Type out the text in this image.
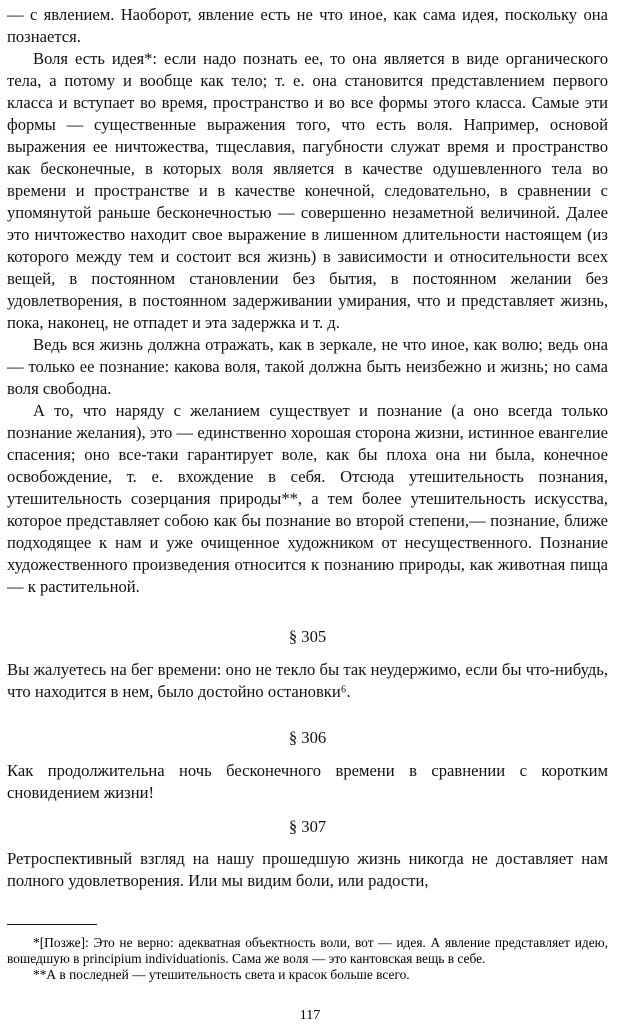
— с явлением. Наоборот, явление есть не что иное, как сама идея, поскольку она познается.

Воля есть идея*: если надо познать ее, то она является в виде органического тела, а потому и вообще как тело; т. е. она становится представлением первого класса и вступает во время, пространство и во все формы этого класса. Самые эти формы — существенные выражения того, что есть воля. Например, основой выражения ее ничтожества, тщеславия, пагубности служат время и пространство как бесконечные, в которых воля является в качестве одушевленного тела во времени и пространстве и в качестве конечной, следовательно, в сравнении с упомянутой раньше бесконечностью — совершенно незаметной величиной. Далее это ничтожество находит свое выражение в лишенном длительности настоящем (из которого между тем и состоит вся жизнь) в зависимости и относительности всех вещей, в постоянном становлении без бытия, в постоянном желании без удовлетворения, в постоянном задерживании умирания, что и представляет жизнь, пока, наконец, не отпадет и эта задержка и т. д.

Ведь вся жизнь должна отражать, как в зеркале, не что иное, как волю; ведь она — только ее познание: какова воля, такой должна быть неизбежно и жизнь; но сама воля свободна.

А то, что наряду с желанием существует и познание (а оно всегда только познание желания), это — единственно хорошая сторона жизни, истинное евангелие спасения; оно все-таки гарантирует воле, как бы плоха она ни была, конечное освобождение, т. е. вхождение в себя. Отсюда утешительность познания, утешительность созерцания природы**, а тем более утешительность искусства, которое представляет собою как бы познание во второй степени,— познание, ближе подходящее к нам и уже очищенное художником от несущественного. Познание художественного произведения относится к познанию природы, как животная пища — к растительной.

§ 305

Вы жалуетесь на бег времени: оно не текло бы так неудержимо, если бы что-нибудь, что находится в нем, было достойно остановки⁶.

§ 306

Как продолжительна ночь бесконечного времени в сравнении с коротким сновидением жизни!

§ 307

Ретроспективный взгляд на нашу прошедшую жизнь никогда не доставляет нам полного удовлетворения. Или мы видим боли, или радости,

*[Позже]: Это не верно: адекватная объектность воли, вот — идея. А явление представляет идею, вошедшую в principium individuationis. Сама же воля — это кантовская вещь в себе.

**А в последней — утешительность света и красок больше всего.

117
